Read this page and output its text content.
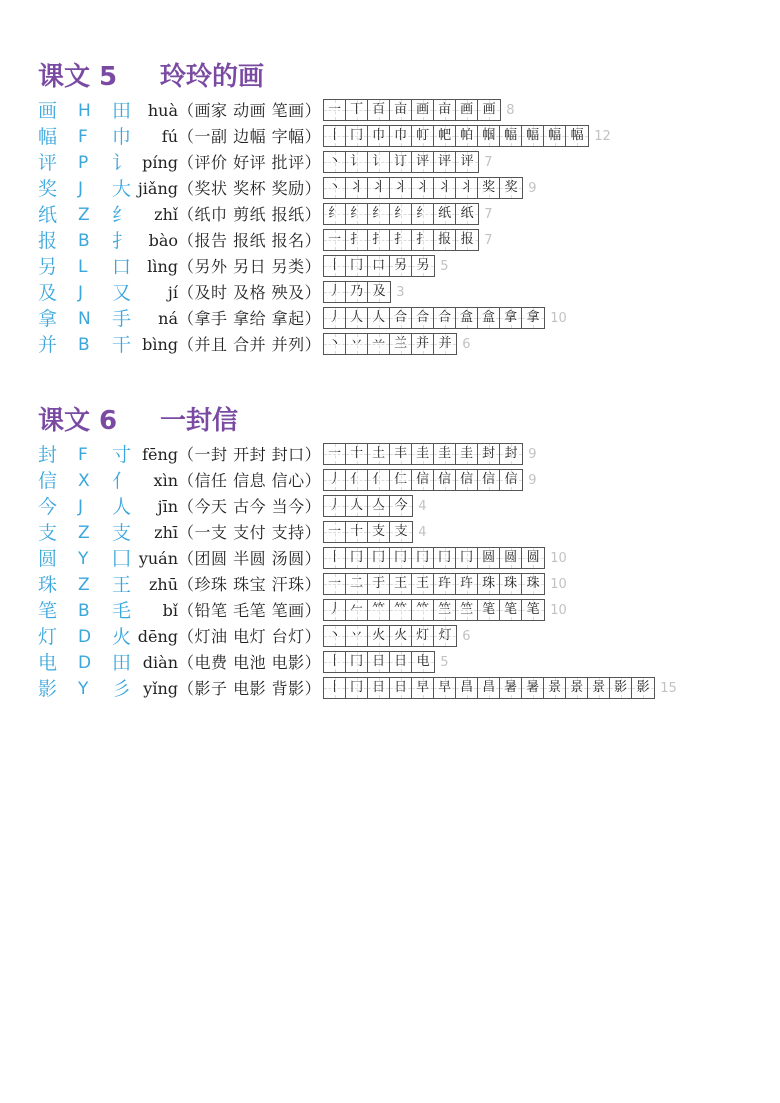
课文 5 玲玲的画
画 H 田 huà （画家 动画 笔画） 一 丅 百 亩 画 亩 画 画 8
幅 F 巾 fú （一副 边幅 字幅） 丨 冂 巾 巾 帄 帊 帕 帼 幅 幅 幅 幅 12
评 P 讠 píng （评价 好评 批评） 丶 讠 讠 订 评 评 评 7
奖 J 大 jiǎng （奖状 奖杯 奖励） 丶 丬 丬 丬 丬 丬 丬 奖 奖 9
纸 Z 纟 zhǐ （纸巾 剪纸 报纸） 纟 纟 纟 纟 纟 纸 纸 7
报 B 扌 bào （报告 报纸 报名） 一 扌 扌 扌 扌 报 报 7
另 L 口 lìng （另外 另日 另类） 丨 冂 口 另 另 5
及 J 又 jí （及时 及格 殃及） 丿 乃 及 3
拿 N 手 ná （拿手 拿给 拿起） 丿 人 人 合 合 合 盒 盒 拿 拿 10
并 B 干 bìng （并且 合并 并列） 丶 丷 䒑 兰 并 并 6
课文 6 一封信
封 F 寸 fēng （一封 开封 封口） 一 十 土 丰 圭 圭 圭 封 封 9
信 X 亻 xìn （信任 信息 信心） 丿 亻 亻 仁 信 信 信 信 信 9
今 J 人 jīn （今天 古今 当今） 丿 人 亼 今 4
支 Z 支 zhī （一支 支付 支持） 一 十 支 支 4
圆 Y 囗 yuán （团圆 半圆 汤圆） 丨 冂 冂 冂 冂 冂 冂 圆 圆 圆 10
珠 Z 王 zhū （珍珠 珠宝 汗珠） 一 二 于 王 王 玝 玝 珠 珠 珠 10
笔 B 毛 bǐ （铅笔 毛笔 笔画） 丿 𠂉 𥫗 𥫗 𥫗 竺 竺 笔 笔 笔 10
灯 D 火 dēng （灯油 电灯 台灯） 丶 丷 火 火 灯 灯 6
电 D 田 diàn （电费 电池 电影） 丨 冂 日 日 电 5
影 Y 彡 yǐng （影子 电影 背影） 丨 冂 日 日 早 早 昌 昌 暑 暑 景 景 景 影 影 15
